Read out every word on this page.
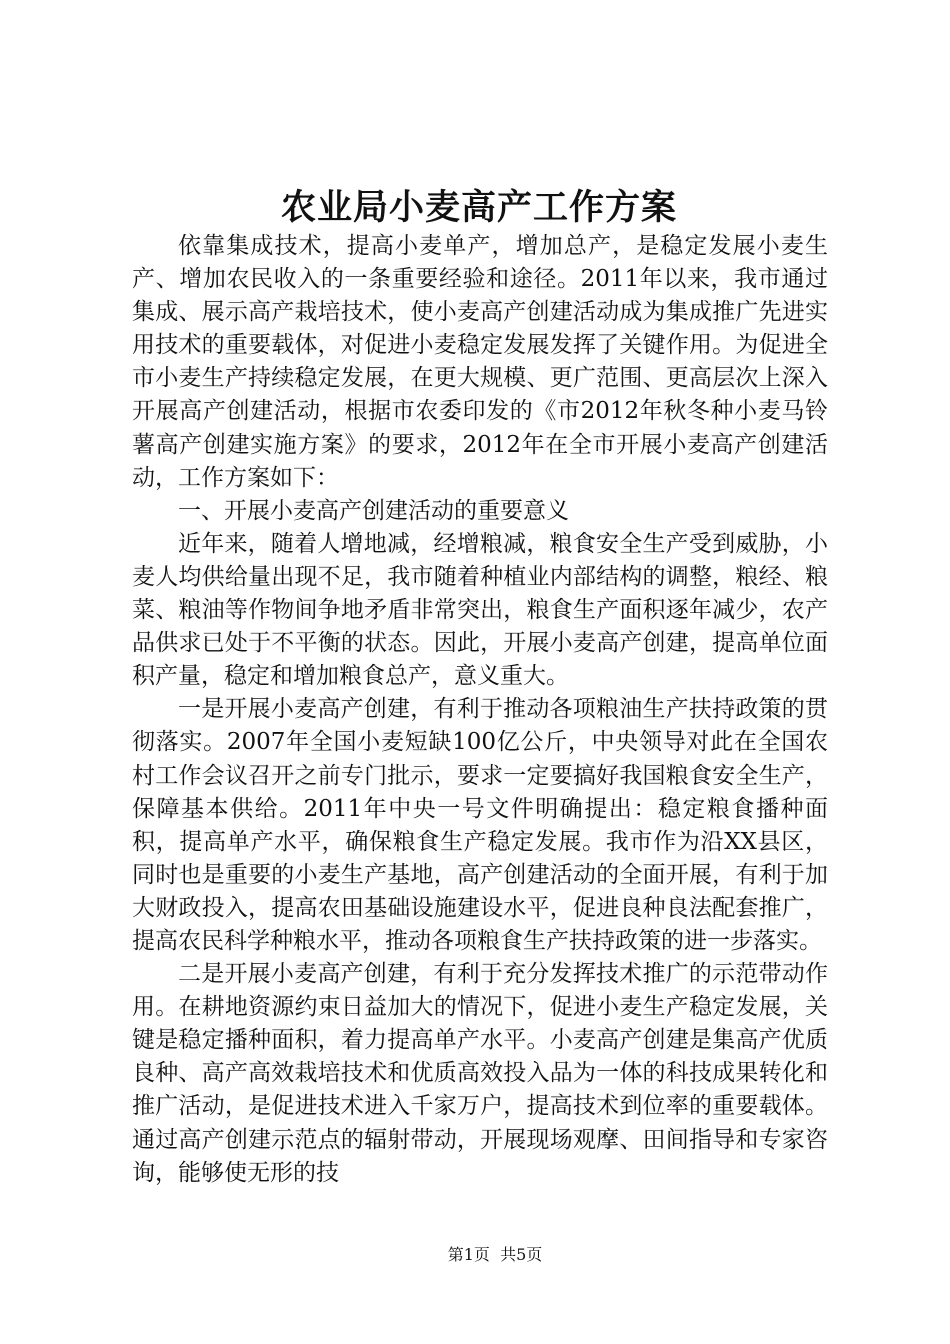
农业局小麦高产工作方案

依靠集成技术，提高小麦单产，增加总产，是稳定发展小麦生产、增加农民收入的一条重要经验和途径。2011年以来，我市通过集成、展示高产栽培技术，使小麦高产创建活动成为集成推广先进实用技术的重要载体，对促进小麦稳定发展发挥了关键作用。为促进全市小麦生产持续稳定发展，在更大规模、更广范围、更高层次上深入开展高产创建活动，根据市农委印发的《市2012年秋冬种小麦马铃薯高产创建实施方案》的要求，2012年在全市开展小麦高产创建活动，工作方案如下：

一、开展小麦高产创建活动的重要意义

近年来，随着人增地减，经增粮减，粮食安全生产受到威胁，小麦人均供给量出现不足，我市随着种植业内部结构的调整，粮经、粮菜、粮油等作物间争地矛盾非常突出，粮食生产面积逐年减少，农产品供求已处于不平衡的状态。因此，开展小麦高产创建，提高单位面积产量，稳定和增加粮食总产，意义重大。

一是开展小麦高产创建，有利于推动各项粮油生产扶持政策的贯彻落实。2007年全国小麦短缺100亿公斤，中央领导对此在全国农村工作会议召开之前专门批示，要求一定要搞好我国粮食安全生产，保障基本供给。2011年中央一号文件明确提出：稳定粮食播种面积，提高单产水平，确保粮食生产稳定发展。我市作为沿XX县区，同时也是重要的小麦生产基地，高产创建活动的全面开展，有利于加大财政投入，提高农田基础设施建设水平，促进良种良法配套推广，提高农民科学种粮水平，推动各项粮食生产扶持政策的进一步落实。

二是开展小麦高产创建，有利于充分发挥技术推广的示范带动作用。在耕地资源约束日益加大的情况下，促进小麦生产稳定发展，关键是稳定播种面积，着力提高单产水平。小麦高产创建是集高产优质良种、高产高效栽培技术和优质高效投入品为一体的科技成果转化和推广活动，是促进技术进入千家万户，提高技术到位率的重要载体。通过高产创建示范点的辐射带动，开展现场观摩、田间指导和专家咨询，能够使无形的技

第1页 共5页
